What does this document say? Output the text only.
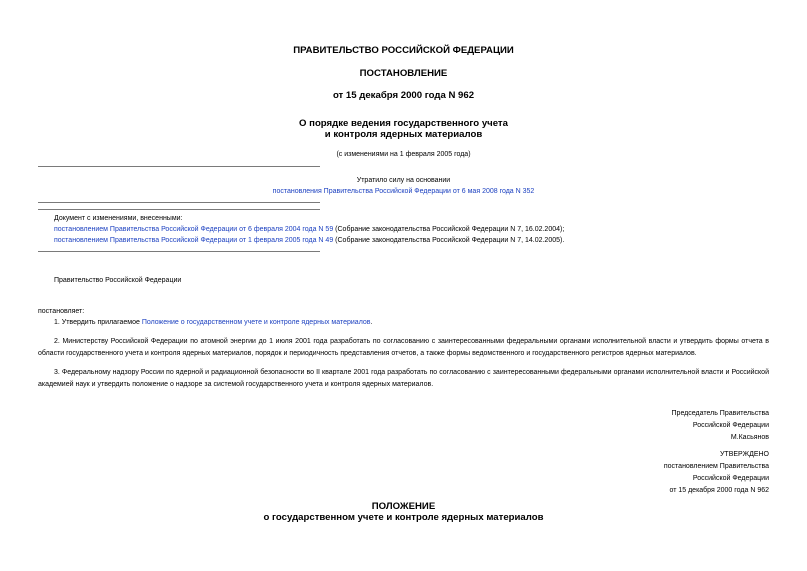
ПРАВИТЕЛЬСТВО РОССИЙСКОЙ ФЕДЕРАЦИИ
ПОСТАНОВЛЕНИЕ
от 15 декабря 2000 года N 962
О порядке ведения государственного учета
и контроля ядерных материалов
(с изменениями на 1 февраля 2005 года)
Утратило силу на основании
постановления Правительства Российской Федерации от 6 мая 2008 года N 352
Документ с изменениями, внесенными:
постановлением Правительства Российской Федерации от 6 февраля 2004 года N 59 (Собрание законодательства Российской Федерации N 7, 16.02.2004);
постановлением Правительства Российской Федерации от 1 февраля 2005 года N 49 (Собрание законодательства Российской Федерации N 7, 14.02.2005).
Правительство Российской Федерации
постановляет:
1. Утвердить прилагаемое Положение о государственном учете и контроле ядерных материалов.
2. Министерству Российской Федерации по атомной энергии до 1 июля 2001 года разработать по согласованию с заинтересованными федеральными органами исполнительной власти и утвердить формы отчета в области государственного учета и контроля ядерных материалов, порядок и периодичность представления отчетов, а также формы ведомственного и государственного регистров ядерных материалов.
3. Федеральному надзору России по ядерной и радиационной безопасности во II квартале 2001 года разработать по согласованию с заинтересованными федеральными органами исполнительной власти и Российской академией наук и утвердить положение о надзоре за системой государственного учета и контроля ядерных материалов.
Председатель Правительства
Российской Федерации
М.Касьянов
УТВЕРЖДЕНО
постановлением Правительства
Российской Федерации
от 15 декабря 2000 года N 962
ПОЛОЖЕНИЕ
о государственном учете и контроле ядерных материалов
